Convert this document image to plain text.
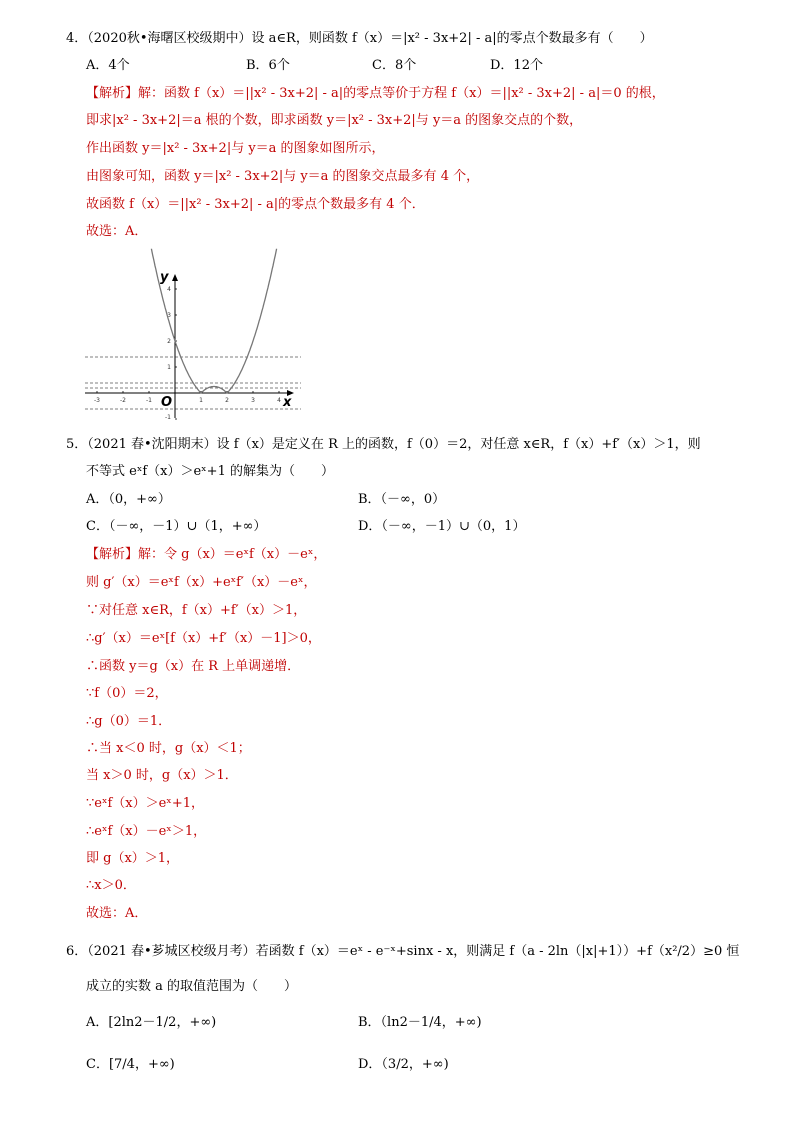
4．（2020秋•海曙区校级期中）设 a∈R，则函数 f（x）＝|x² - 3x+2| - a|的零点个数最多有（　　）
A．4个	B．6个	C．8个	D．12个
【解析】解：函数 f（x）＝||x² - 3x+2| - a|的零点等价于方程 f（x）＝||x² - 3x+2| - a|＝0 的根，
即求|x² - 3x+2|＝a 根的个数，即求函数 y＝|x² - 3x+2|与 y＝a 的图象交点的个数，
作出函数 y＝|x² - 3x+2|与 y＝a 的图象如图所示，
由图象可知，函数 y＝|x² - 3x+2|与 y＝a 的图象交点最多有 4 个，
故函数 f（x）＝||x² - 3x+2| - a|的零点个数最多有 4 个．
故选：A．
-3	-2	-1	1	2	3	4
4
3
2
1
-1
y
x
O
5．（2021 春•沈阳期末）设 f（x）是定义在 R 上的函数，f（0）＝2，对任意 x∈R，f（x）+f′（x）＞1，则
不等式 eˣf（x）＞eˣ+1 的解集为（　　）
A．（0，+∞）	B．（－∞，0）
C．（－∞，－1）∪（1，+∞）	D．（－∞，－1）∪（0，1）
【解析】解：令 g（x）＝eˣf（x）－eˣ，
则 g′（x）＝eˣf（x）+eˣf′（x）－eˣ，
∵对任意 x∈R，f（x）+f′（x）＞1，
∴g′（x）＝eˣ[f（x）+f′（x）－1]＞0，
∴函数 y＝g（x）在 R 上单调递增．
∵f（0）＝2，
∴g（0）＝1．
∴当 x＜0 时，g（x）＜1；
当 x＞0 时，g（x）＞1．
∵eˣf（x）＞eˣ+1，
∴eˣf（x）－eˣ＞1，
即 g（x）＞1，
∴x＞0．
故选：A．
6．（2021 春•芗城区校级月考）若函数 f（x）＝eˣ - e⁻ˣ+sinx - x，则满足 f（a - 2ln（|x|+1））+f（x²/2）≥0 恒
成立的实数 a 的取值范围为（　　）
A．[2ln2－1/2，+∞)	B．（ln2－1/4，+∞)
C．[7/4，+∞)	D．（3/2，+∞)
